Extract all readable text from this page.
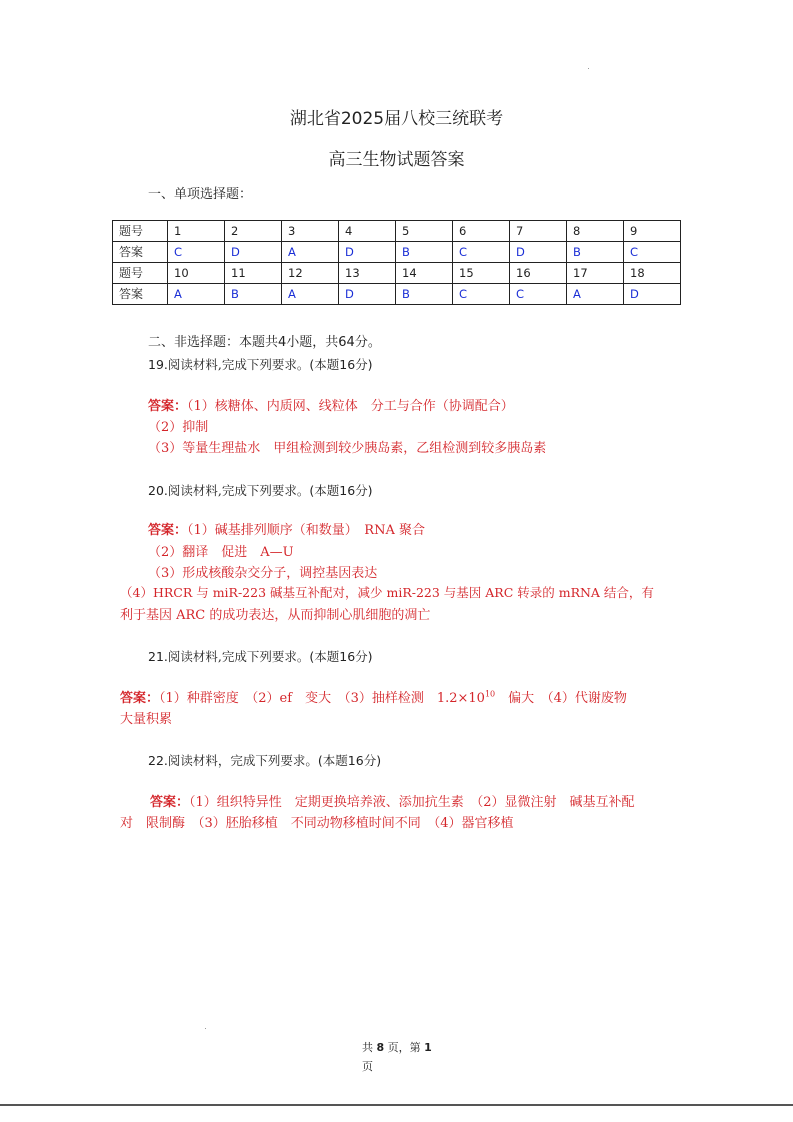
湖北省2025届八校三统联考
高三生物试题答案
一、单项选择题：
题号	1	2	3	4	5	6	7	8	9
答案	C	D	A	D	B	C	D	B	C
题号	10	11	12	13	14	15	16	17	18
答案	A	B	A	D	B	C	C	A	D
二、非选择题：本题共4小题，共64分。
19.阅读材料,完成下列要求。(本题16分)
答案：（1）核糖体、内质网、线粒体　分工与合作（协调配合）
（2）抑制
（3）等量生理盐水　甲组检测到较少胰岛素，乙组检测到较多胰岛素
20.阅读材料,完成下列要求。(本题16分)
答案：（1）碱基排列顺序（和数量）　RNA 聚合
（2）翻译　促进　A—U
（3）形成核酸杂交分子，调控基因表达
（4）HRCR 与 miR-223 碱基互补配对，减少 miR-223 与基因 ARC 转录的 mRNA 结合，有
利于基因 ARC 的成功表达，从而抑制心肌细胞的凋亡
21.阅读材料,完成下列要求。(本题16分)
答案：（1）种群密度　（2）ef　变大　（3）抽样检测　$1.2\times 10^{10}$　偏大　（4）代谢废物
大量积累
22.阅读材料，完成下列要求。(本题16分)
答案：（1）组织特异性　定期更换培养液、添加抗生素　（2）显微注射　碱基互补配
对　限制酶　（3）胚胎移植　不同动物移植时间不同　（4）器官移植
共 8 页，第 1
页
